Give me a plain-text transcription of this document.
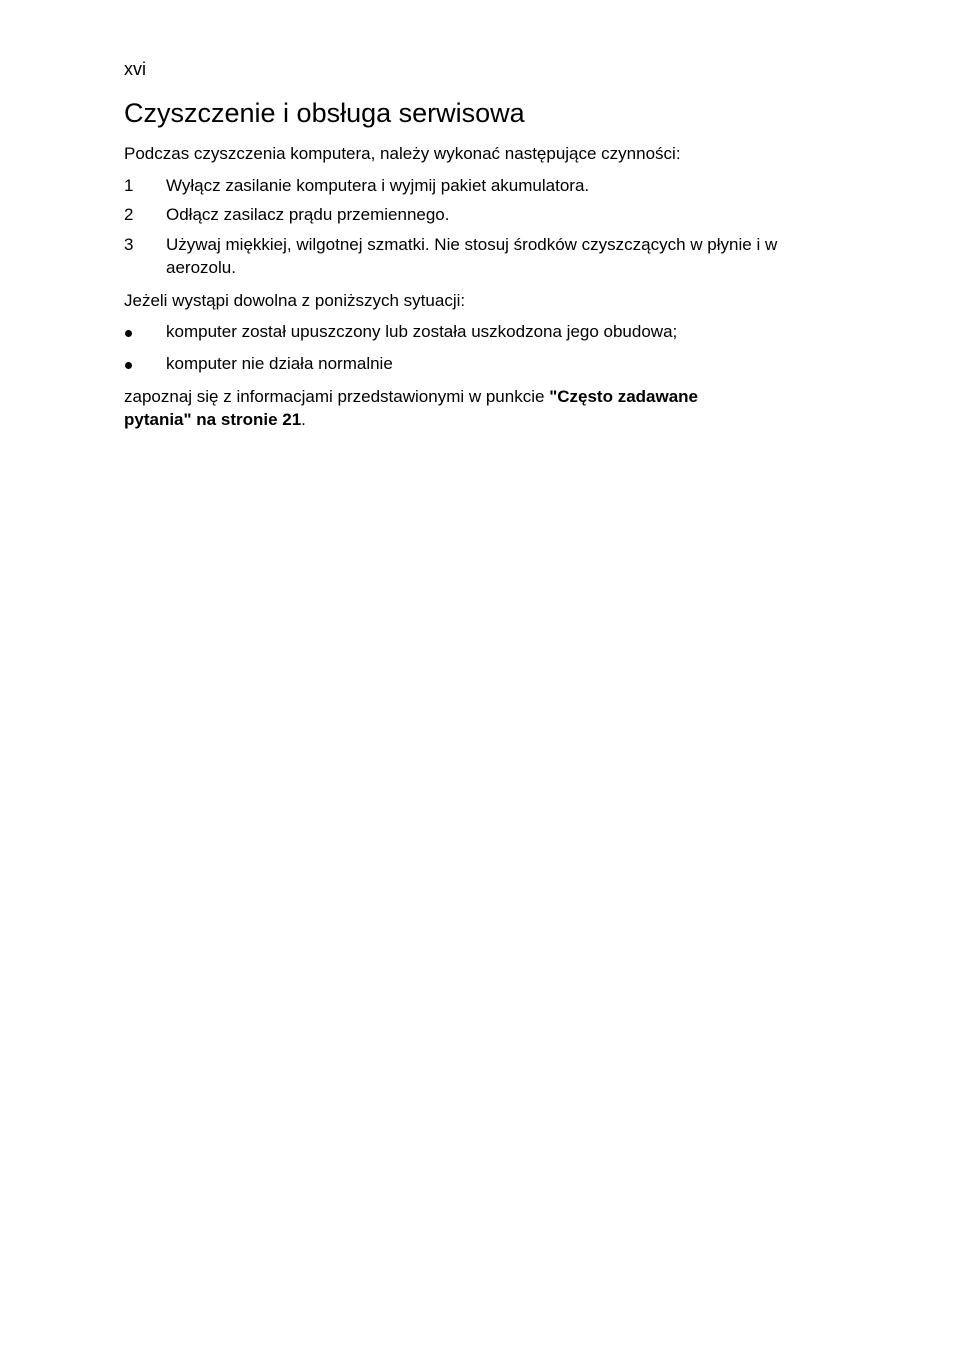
xvi
Czyszczenie i obsługa serwisowa

Podczas czyszczenia komputera, należy wykonać następujące czynności:

1	Wyłącz zasilanie komputera i wyjmij pakiet akumulatora.
2	Odłącz zasilacz prądu przemiennego.
3	Używaj miękkiej, wilgotnej szmatki. Nie stosuj środków czyszczących w płynie i w aerozolu.

Jeżeli wystąpi dowolna z poniższych sytuacji:

komputer został upuszczony lub została uszkodzona jego obudowa;
komputer nie działa normalnie

zapoznaj się z informacjami przedstawionymi w punkcie "Często zadawane pytania" na stronie 21.
